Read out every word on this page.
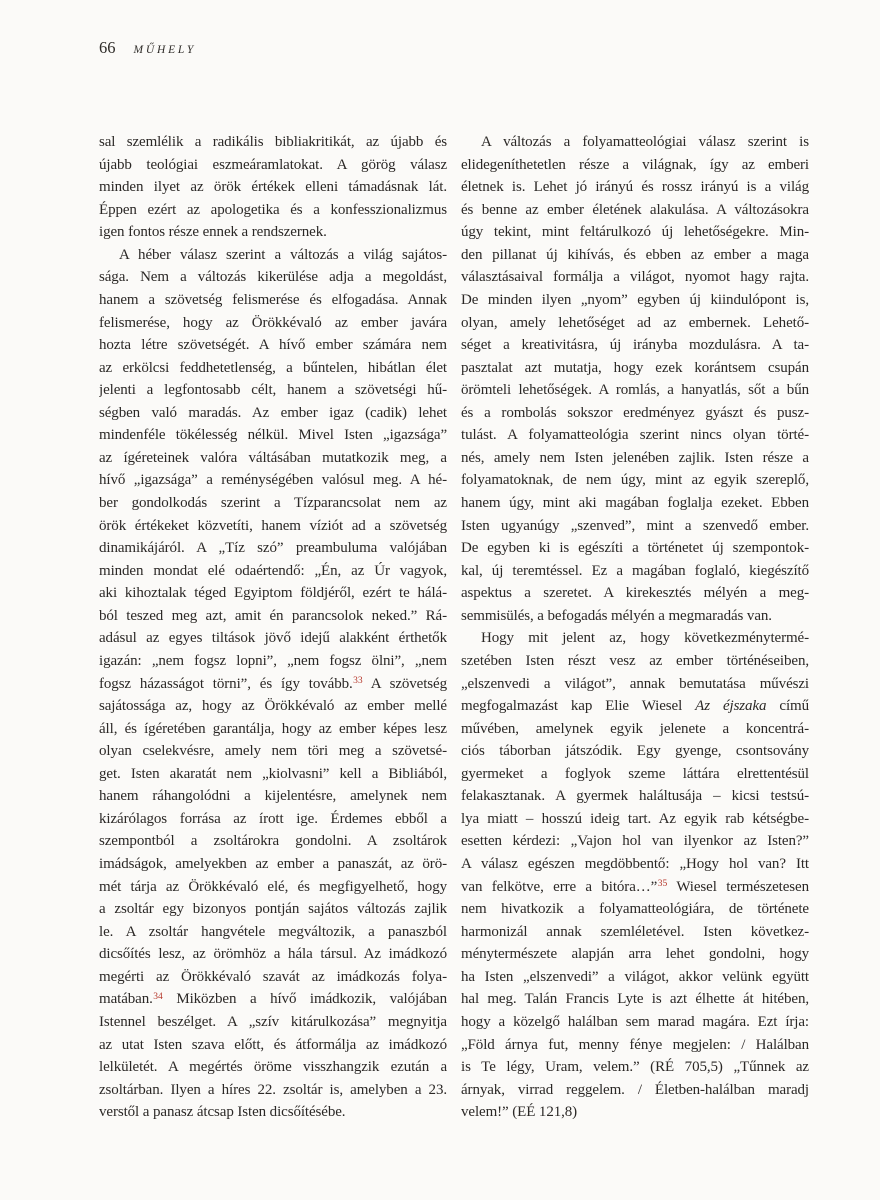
66 MŰHELY
sal szemlélik a radikális bibliakritikát, az újabb és
újabb teológiai eszmeáramlatokat. A görög válasz
minden ilyet az örök értékek elleni támadásnak lát.
Éppen ezért az apologetika és a konfesszionalizmus
igen fontos része ennek a rendszernek.
A héber válasz szerint a változás a világ sajátos-
sága. Nem a változás kikerülése adja a megoldást,
hanem a szövetség felismerése és elfogadása. Annak
felismerése, hogy az Örökkévaló az ember javára
hozta létre szövetségét. A hívő ember számára nem
az erkölcsi feddhetetlenség, a bűntelen, hibátlan élet
jelenti a legfontosabb célt, hanem a szövetségi hű-
ségben való maradás. Az ember igaz (cadik) lehet
mindenféle tökélesség nélkül. Mivel Isten „igazsága”
az ígéreteinek valóra váltásában mutatkozik meg, a
hívő „igazsága” a reménységében valósul meg. A hé-
ber gondolkodás szerint a Tízparancsolat nem az
örök értékeket közvetíti, hanem víziót ad a szövetség
dinamikájáról. A „Tíz szó” preambuluma valójában
minden mondat elé odaértendő: „Én, az Úr vagyok,
aki kihoztalak téged Egyiptom földjéről, ezért te hálá-
ból teszed meg azt, amit én parancsolok neked.” Rá-
adásul az egyes tiltások jövő idejű alakként érthetők
igazán: „nem fogsz lopni”, „nem fogsz ölni”, „nem
fogsz házasságot törni”, és így tovább.$^{33}$ A szövetség
sajátossága az, hogy az Örökkévaló az ember mellé
áll, és ígéretében garantálja, hogy az ember képes lesz
olyan cselekvésre, amely nem töri meg a szövetsé-
get. Isten akaratát nem „kiolvasni” kell a Bibliából,
hanem ráhangolódni a kijelentésre, amelynek nem
kizárólagos forrása az írott ige. Érdemes ebből a
szempontból a zsoltárokra gondolni. A zsoltárok
imádságok, amelyekben az ember a panaszát, az örö-
mét tárja az Örökkévaló elé, és megfigyelhető, hogy
a zsoltár egy bizonyos pontján sajátos változás zajlik
le. A zsoltár hangvétele megváltozik, a panaszból
dicsőítés lesz, az örömhöz a hála társul. Az imádkozó
megérti az Örökkévaló szavát az imádkozás folya-
matában.$^{34}$ Miközben a hívő imádkozik, valójában
Istennel beszélget. A „szív kitárulkozása” megnyitja
az utat Isten szava előtt, és átformálja az imádkozó
lelkületét. A megértés öröme visszhangzik ezután a
zsoltárban. Ilyen a híres 22. zsoltár is, amelyben a 23.
verstől a panasz átcsap Isten dicsőítésébe.
A változás a folyamatteológiai válasz szerint is
elidegeníthetetlen része a világnak, így az emberi
életnek is. Lehet jó irányú és rossz irányú is a világ
és benne az ember életének alakulása. A változásokra
úgy tekint, mint feltárulkozó új lehetőségekre. Min-
den pillanat új kihívás, és ebben az ember a maga
választásaival formálja a világot, nyomot hagy rajta.
De minden ilyen „nyom” egyben új kiindulópont is,
olyan, amely lehetőséget ad az embernek. Lehető-
séget a kreativitásra, új irányba mozdulásra. A ta-
pasztalat azt mutatja, hogy ezek korántsem csupán
örömteli lehetőségek. A romlás, a hanyatlás, sőt a bűn
és a rombolás sokszor eredményez gyászt és pusz-
tulást. A folyamatteológia szerint nincs olyan törté-
nés, amely nem Isten jelenében zajlik. Isten része a
folyamatoknak, de nem úgy, mint az egyik szereplő,
hanem úgy, mint aki magában foglalja ezeket. Ebben
Isten ugyanúgy „szenved”, mint a szenvedő ember.
De egyben ki is egészíti a történetet új szempontok-
kal, új teremtéssel. Ez a magában foglaló, kiegészítő
aspektus a szeretet. A kirekesztés mélyén a meg-
semmisülés, a befogadás mélyén a megmaradás van.
Hogy mit jelent az, hogy következménytermé-
szetében Isten részt vesz az ember történéseiben,
„elszenvedi a világot”, annak bemutatása művészi
megfogalmazást kap Elie Wiesel Az éjszaka című
művében, amelynek egyik jelenete a koncentrá-
ciós táborban játszódik. Egy gyenge, csontsovány
gyermeket a foglyok szeme láttára elrettentésül
felakasztanak. A gyermek haláltusája – kicsi testsú-
lya miatt – hosszú ideig tart. Az egyik rab kétségbe-
esetten kérdezi: „Vajon hol van ilyenkor az Isten?”
A válasz egészen megdöbbentő: „Hogy hol van? Itt
van felkötve, erre a bitóra…”$^{35}$ Wiesel természetesen
nem hivatkozik a folyamatteológiára, de története
harmonizál annak szemléletével. Isten következ-
ménytermészete alapján arra lehet gondolni, hogy
ha Isten „elszenvedi” a világot, akkor velünk együtt
hal meg. Talán Francis Lyte is azt élhette át hitében,
hogy a közelgő halálban sem marad magára. Ezt írja:
„Föld árnya fut, menny fénye megjelen: / Halálban
is Te légy, Uram, velem.” (RÉ 705,5) „Tűnnek az
árnyak, virrad reggelem. / Életben-halálban maradj
velem!” (EÉ 121,8)
